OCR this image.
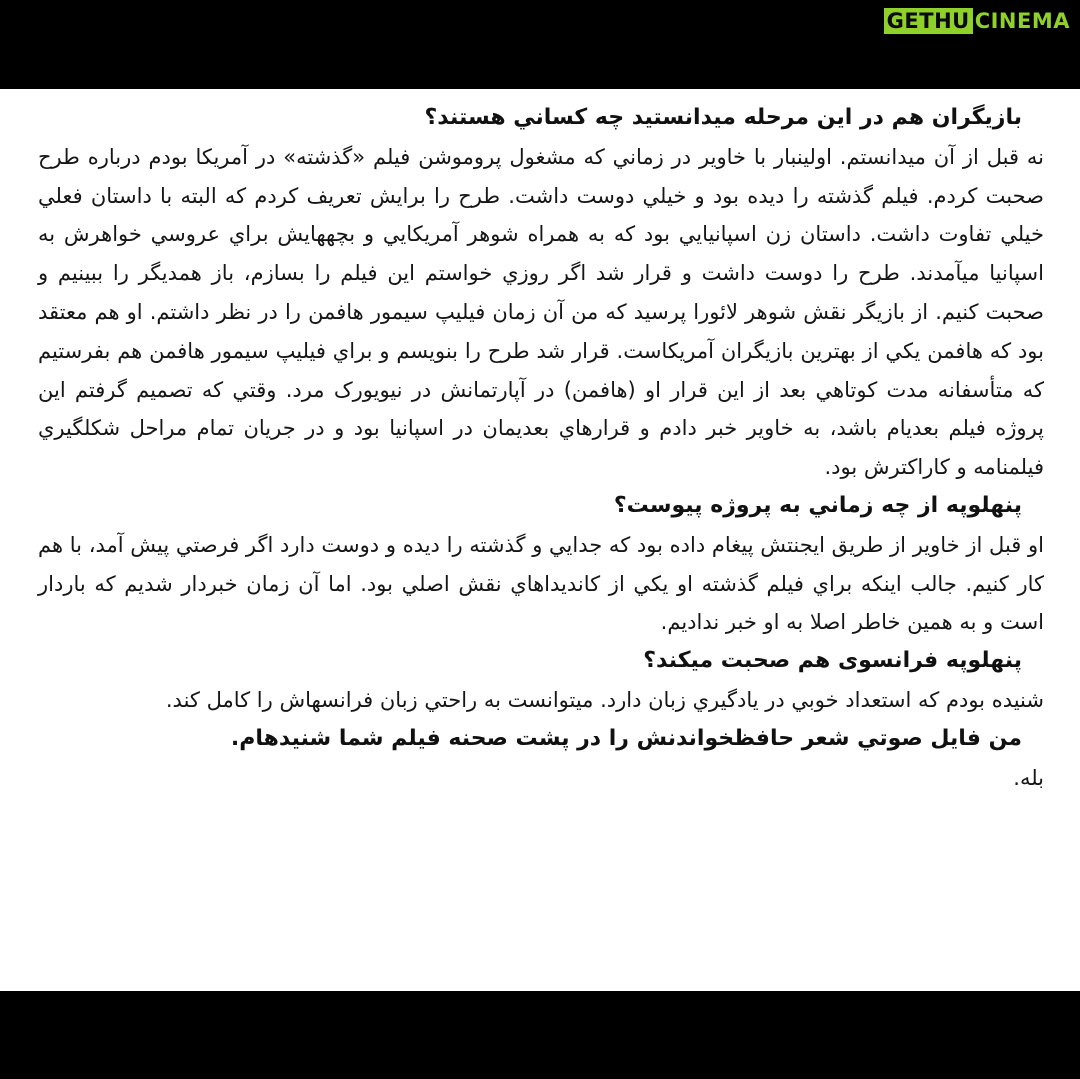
GETHU CINEMA

بازیگران هم در این مرحله میدانستید چه کساني هستند؟

نه قبل از آن میدانستم. اولینبار با خاویر در زماني که مشغول پروموشن فیلم «گذشته» در آمریکا بودم درباره طرح صحبت کردم. فیلم گذشته را دیده بود و خیلي دوست داشت. طرح را برایش تعریف کردم که البته با داستان فعلي خیلي تفاوت داشت. داستان زن اسپانیایي بود که به همراه شوهر آمریکایي و بچههایش براي عروسي خواهرش به اسپانیا ميآمدند. طرح را دوست داشت و قرار شد اگر روزي خواستم این فیلم را بسازم، باز همدیگر را ببینیم و صحبت کنیم. از بازیگر نقش شوهر لائورا پرسید که من آن زمان فیلیپ سیمور هافمن را در نظر داشتم. او هم معتقد بود که هافمن یکي از بهترین بازیگران آمریکاست. قرار شد طرح را بنویسم و براي فیلیپ سیمور هافمن هم بفرستیم که متأسفانه مدت کوتاهي بعد از این قرار او (هافمن) در آپارتمانش در نیویورک مرد. وقتي که تصمیم گرفتم این پروژه فیلم بعديام باشد، به خاویر خبر دادم و قرارهاي بعديمان در اسپانیا بود و در جریان تمام مراحل شکلگیري فیلمنامه و کاراکترش بود.

پنهلوپه از چه زماني به پروژه پیوست؟

او قبل از خاویر از طریق ایجنتش پیغام داده بود که جدایي و گذشته را دیده و دوست دارد اگر فرصتي پیش آمد، با هم کار کنیم. جالب اینکه براي فیلم گذشته او یکي از کاندیداهاي نقش اصلي بود. اما آن زمان خبردار شدیم که باردار است و به همین خاطر اصلا به او خبر ندادیم.

پنهلوپه فرانسوی هم صحبت ميکند؟

شنیده بودم که استعداد خوبي در یادگیري زبان دارد. ميتوانست به راحتي زبان فرانسهاش را کامل کند.

من فایل صوتي شعر حافظخواندنش را در پشت صحنه فیلم شما شنیدهام.

بله.
